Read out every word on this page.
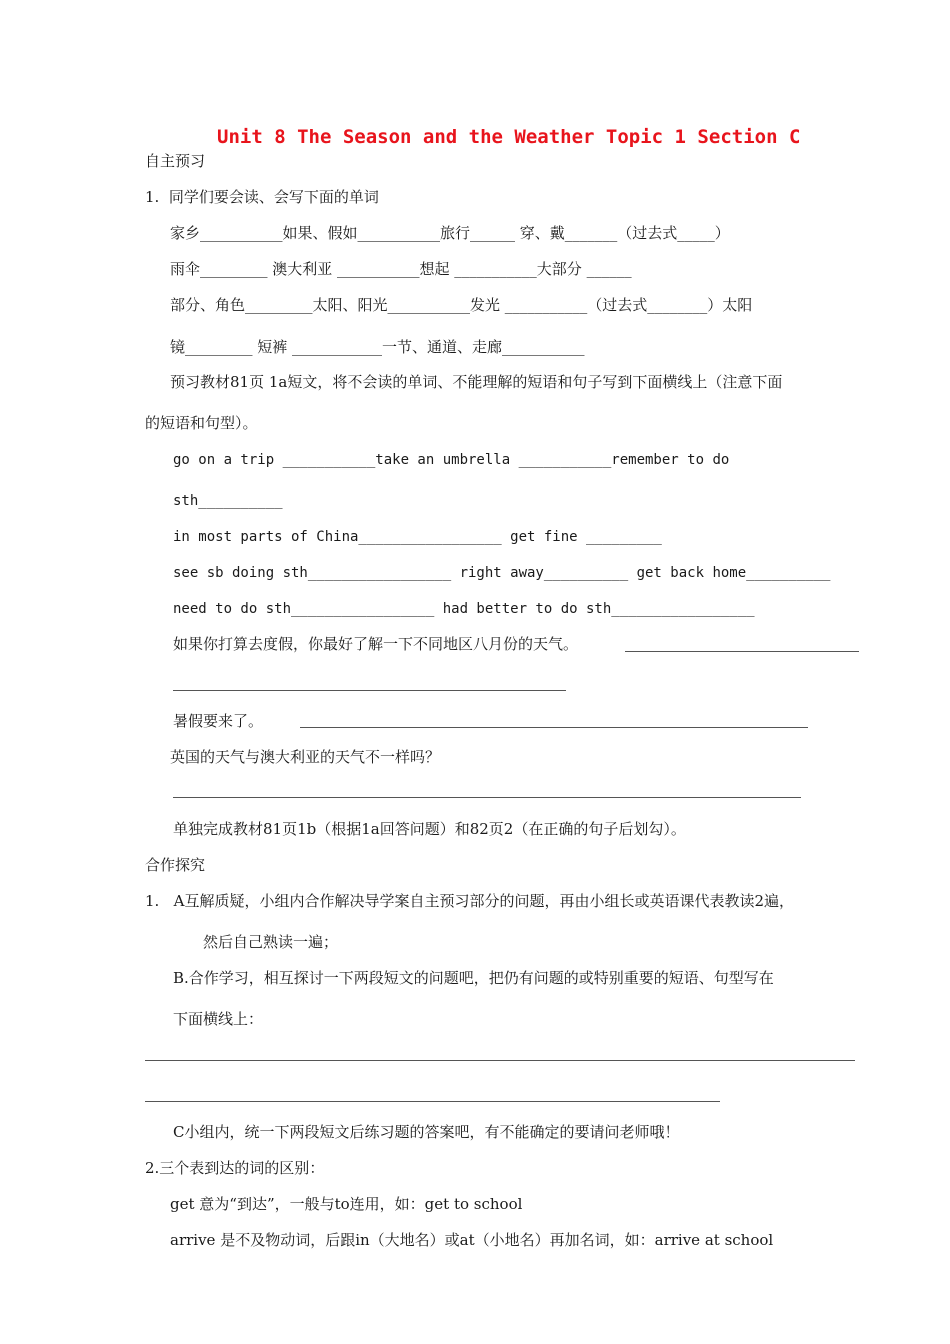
Unit 8 The Season and the Weather Topic 1 Section C
自主预习
1.  同学们要会读、会写下面的单词
家乡___________如果、假如___________旅行______ 穿、戴_______（过去式_____）
雨伞_________ 澳大利亚 ___________想起 ___________大部分 ______
部分、角色_________太阳、阳光___________发光 ___________（过去式________）太阳
镜_________ 短裤 ____________一节、通道、走廊___________
预习教材81页 1a短文，将不会读的单词、不能理解的短语和句子写到下面横线上（注意下面
的短语和句型）。
go on a trip ___________take an umbrella ___________remember to do
sth__________
in most parts of China_________________ get fine _________
see sb doing sth_________________ right away__________ get back home__________
need to do sth_________________ had better to do sth_________________
如果你打算去度假，你最好了解一下不同地区八月份的天气。
暑假要来了。
英国的天气与澳大利亚的天气不一样吗？
单独完成教材81页1b（根据1a回答问题）和82页2（在正确的句子后划勾）。
合作探究
1.   A互解质疑，小组内合作解决导学案自主预习部分的问题，再由小组长或英语课代表教读2遍，
然后自己熟读一遍；
B.合作学习，相互探讨一下两段短文的问题吧，把仍有问题的或特别重要的短语、句型写在
下面横线上：
C小组内，统一下两段短文后练习题的答案吧，有不能确定的要请问老师哦！
2.三个表到达的词的区别：
get 意为“到达”，一般与to连用，如：get to school
arrive 是不及物动词，后跟in（大地名）或at（小地名）再加名词，如：arrive at school
